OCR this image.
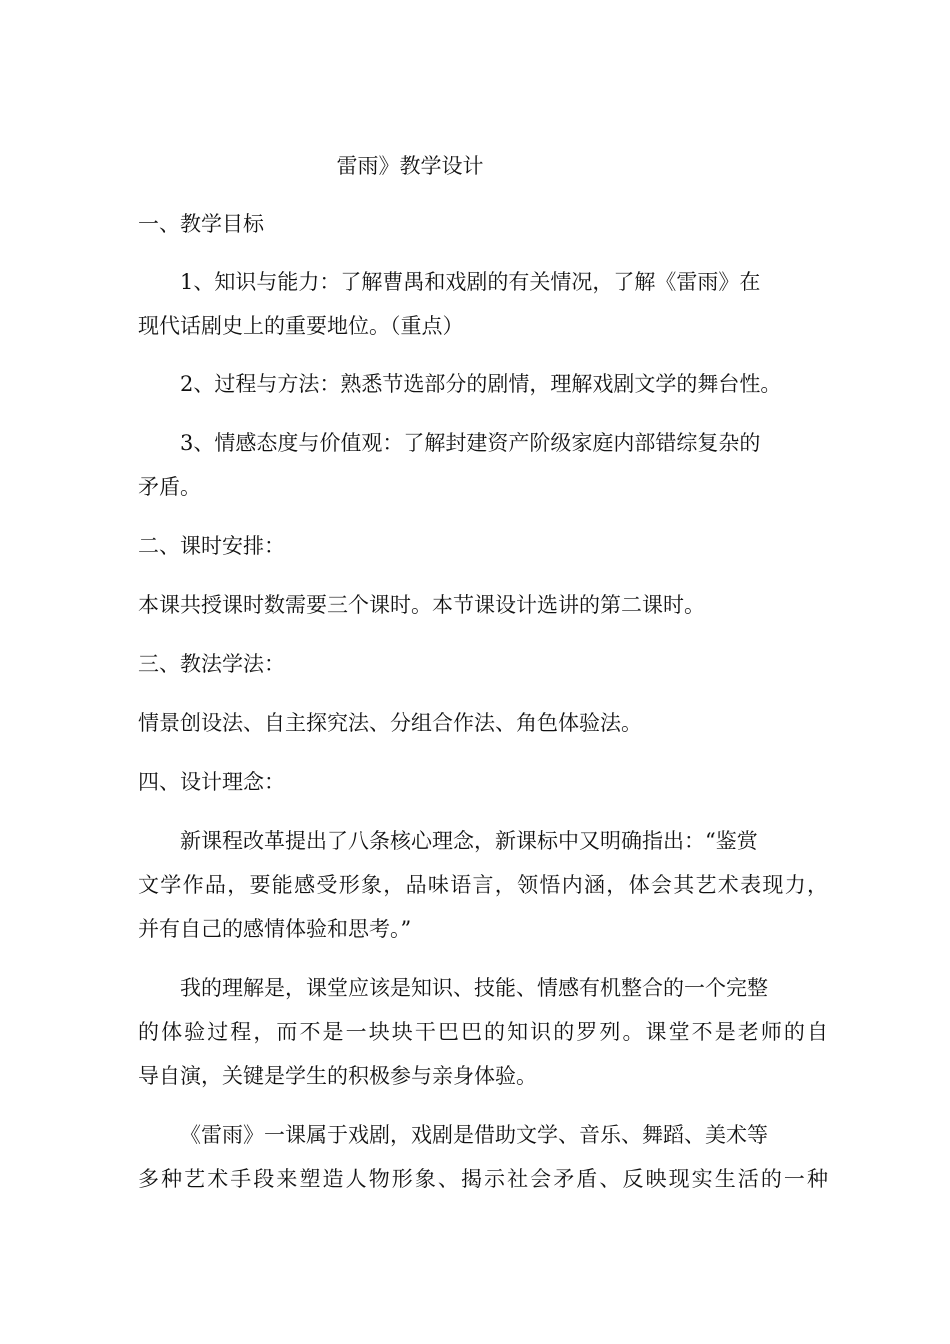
雷雨》教学设计

一、教学目标

1、知识与能力：了解曹禺和戏剧的有关情况，了解《雷雨》在

现代话剧史上的重要地位。（重点）

2、过程与方法：熟悉节选部分的剧情，理解戏剧文学的舞台性。

3、情感态度与价值观：了解封建资产阶级家庭内部错综复杂的

矛盾。

二、课时安排：

本课共授课时数需要三个课时。本节课设计选讲的第二课时。

三、教法学法：

情景创设法、自主探究法、分组合作法、角色体验法。

四、设计理念：

新课程改革提出了八条核心理念，新课标中又明确指出：“鉴赏

文学作品，要能感受形象，品味语言，领悟内涵，体会其艺术表现力，

并有自己的感情体验和思考。”

我的理解是，课堂应该是知识、技能、情感有机整合的一个完整

的体验过程，而不是一块块干巴巴的知识的罗列。课堂不是老师的自

导自演，关键是学生的积极参与亲身体验。

《雷雨》一课属于戏剧，戏剧是借助文学、音乐、舞蹈、美术等

多种艺术手段来塑造人物形象、揭示社会矛盾、反映现实生活的一种
